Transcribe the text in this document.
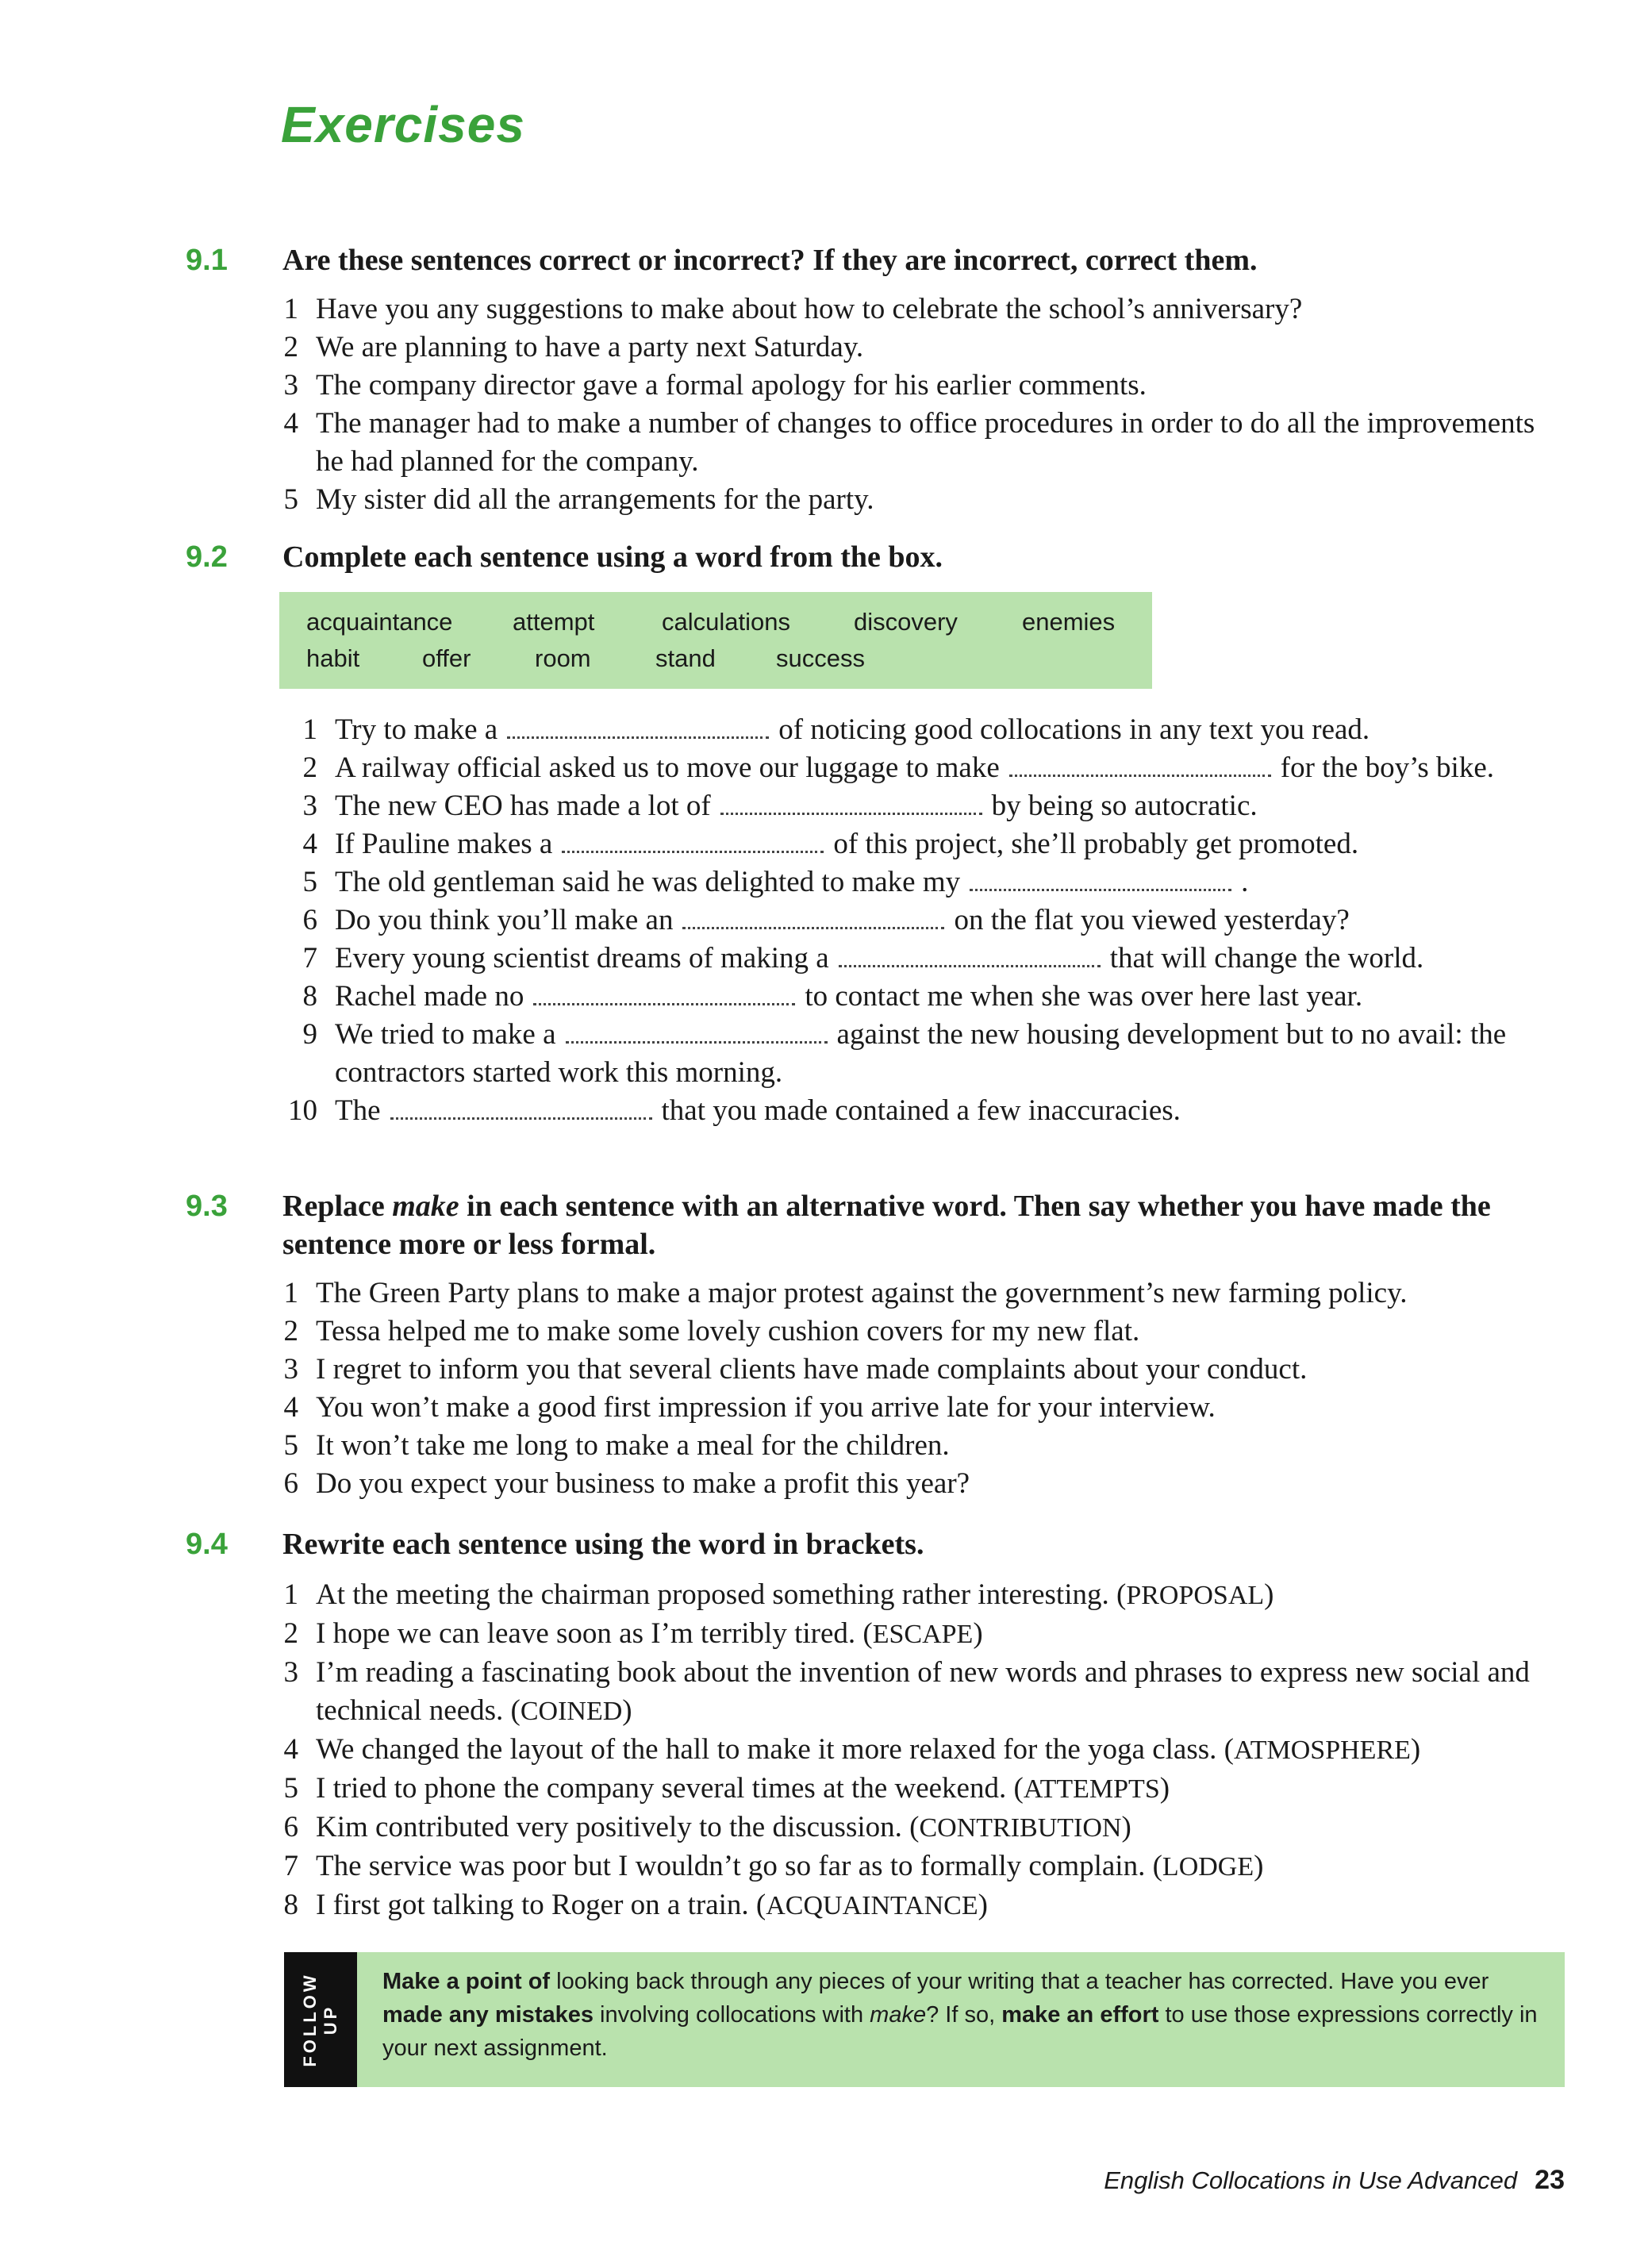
Exercises
9.1 Are these sentences correct or incorrect? If they are incorrect, correct them.
1 Have you any suggestions to make about how to celebrate the school’s anniversary?
2 We are planning to have a party next Saturday.
3 The company director gave a formal apology for his earlier comments.
4 The manager had to make a number of changes to office procedures in order to do all the improvements he had planned for the company.
5 My sister did all the arrangements for the party.
9.2 Complete each sentence using a word from the box.
acquaintance attempt	calculations	discovery	enemies
habit	offer	room	stand success
1 Try to make a	of noticing good collocations in any text you read.
2 A railway official asked us to move our luggage to make	for the boy’s bike.
3 The new CEO has made a lot of	by being so autocratic.
4 If Pauline makes a	of this project, she’ll probably get promoted.
5 The old gentleman said he was delighted to make my	.
6 Do you think you’ll make an	on the flat you viewed yesterday?
7 Every young scientist dreams of making a	that will change the world.
8 Rachel made no	to contact me when she was over here last year.
9 We tried to make a	against the new housing development but to no avail: the contractors started work this morning.
10 The	that you made contained a few inaccuracies.
9.3 Replace make in each sentence with an alternative word. Then say whether you have made the sentence more or less formal.
1 The Green Party plans to make a major protest against the government’s new farming policy.
2 Tessa helped me to make some lovely cushion covers for my new flat.
3 I regret to inform you that several clients have made complaints about your conduct.
4 You won’t make a good first impression if you arrive late for your interview.
5 It won’t take me long to make a meal for the children.
6 Do you expect your business to make a profit this year?
9.4 Rewrite each sentence using the word in brackets.
1 At the meeting the chairman proposed something rather interesting. (PROPOSAL)
2 I hope we can leave soon as I’m terribly tired. (ESCAPE)
3 I’m reading a fascinating book about the invention of new words and phrases to express new social and technical needs. (COINED)
4 We changed the layout of the hall to make it more relaxed for the yoga class. (ATMOSPHERE)
5 I tried to phone the company several times at the weekend. (ATTEMPTS)
6 Kim contributed very positively to the discussion. (CONTRIBUTION)
7 The service was poor but I wouldn’t go so far as to formally complain. (LODGE)
8 I first got talking to Roger on a train. (ACQUAINTANCE)
FOLLOW
UP
Make a point of looking back through any pieces of your writing that a teacher has corrected. Have you ever made any mistakes involving collocations with make? If so, make an effort to use those expressions correctly in your next assignment.
English Collocations in Use Advanced 23
